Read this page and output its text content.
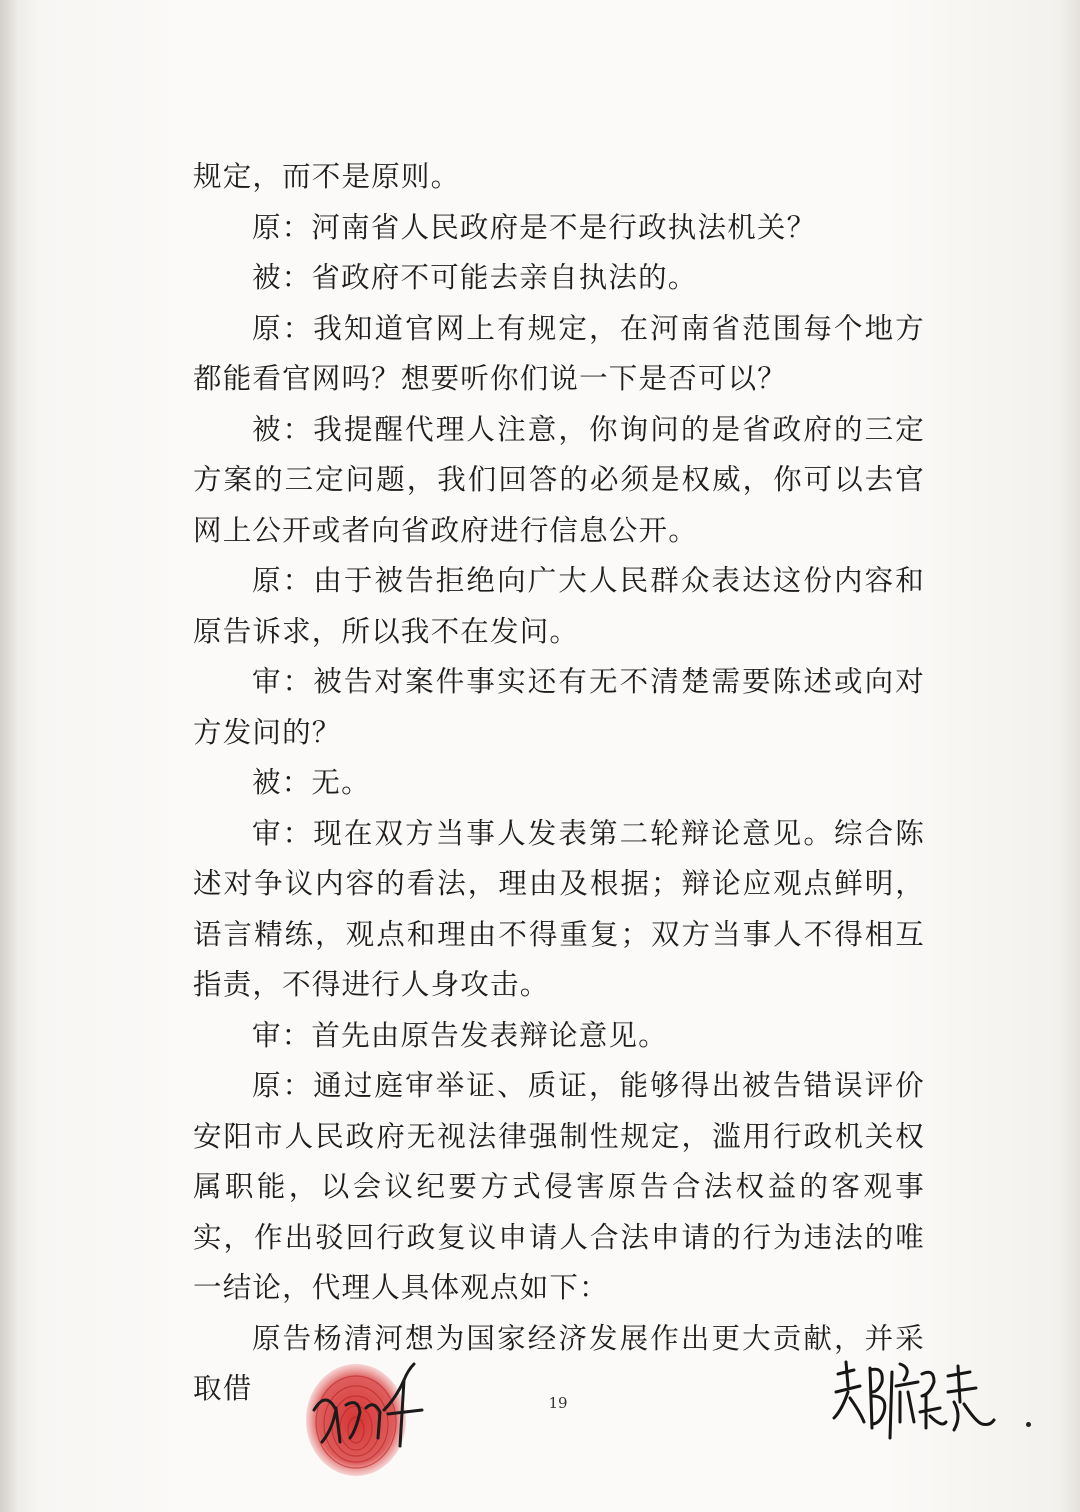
规定，而不是原则。

原：河南省人民政府是不是行政执法机关？

被：省政府不可能去亲自执法的。

原：我知道官网上有规定，在河南省范围每个地方都能看官网吗？想要听你们说一下是否可以？

被：我提醒代理人注意，你询问的是省政府的三定方案的三定问题，我们回答的必须是权威，你可以去官网上公开或者向省政府进行信息公开。

原：由于被告拒绝向广大人民群众表达这份内容和原告诉求，所以我不在发问。

审：被告对案件事实还有无不清楚需要陈述或向对方发问的？

被：无。

审：现在双方当事人发表第二轮辩论意见。综合陈述对争议内容的看法，理由及根据；辩论应观点鲜明，语言精练，观点和理由不得重复；双方当事人不得相互指责，不得进行人身攻击。

审：首先由原告发表辩论意见。

原：通过庭审举证、质证，能够得出被告错误评价安阳市人民政府无视法律强制性规定，滥用行政机关权属职能，以会议纪要方式侵害原告合法权益的客观事实，作出驳回行政复议申请人合法申请的行为违法的唯一结论，代理人具体观点如下：

原告杨清河想为国家经济发展作出更大贡献，并采取借	19
